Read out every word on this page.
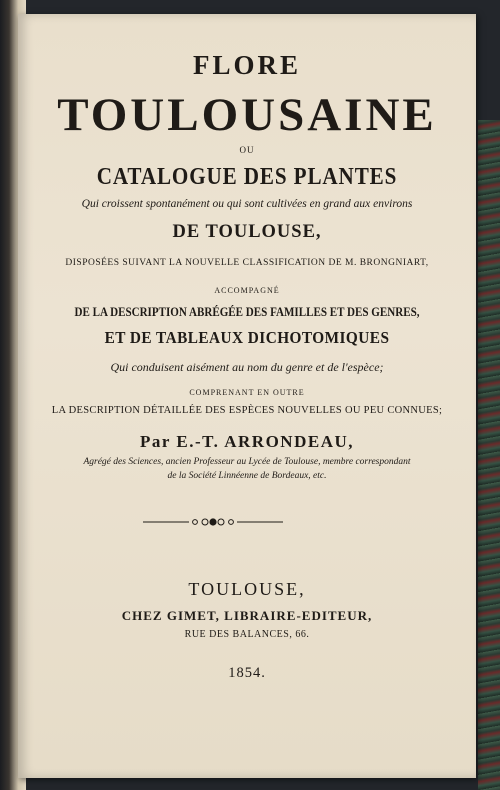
FLORE
TOULOUSAINE
OU
CATALOGUE DES PLANTES
Qui croissent spontanément ou qui sont cultivées en grand aux environs
DE TOULOUSE,
DISPOSÉES SUIVANT LA NOUVELLE CLASSIFICATION DE M. BRONGNIART,
ACCOMPAGNÉ
DE LA DESCRIPTION ABRÉGÉE DES FAMILLES ET DES GENRES,
ET DE TABLEAUX DICHOTOMIQUES
Qui conduisent aisément au nom du genre et de l'espèce;
COMPRENANT EN OUTRE
LA DESCRIPTION DÉTAILLÉE DES ESPÈCES NOUVELLES OU PEU CONNUES;
Par E.-T. ARRONDEAU,
Agrégé des Sciences, ancien Professeur au Lycée de Toulouse, membre correspondant
de la Société Linnéenne de Bordeaux, etc.
TOULOUSE,
CHEZ GIMET, LIBRAIRE-EDITEUR,
RUE DES BALANCES, 66.
1854.
